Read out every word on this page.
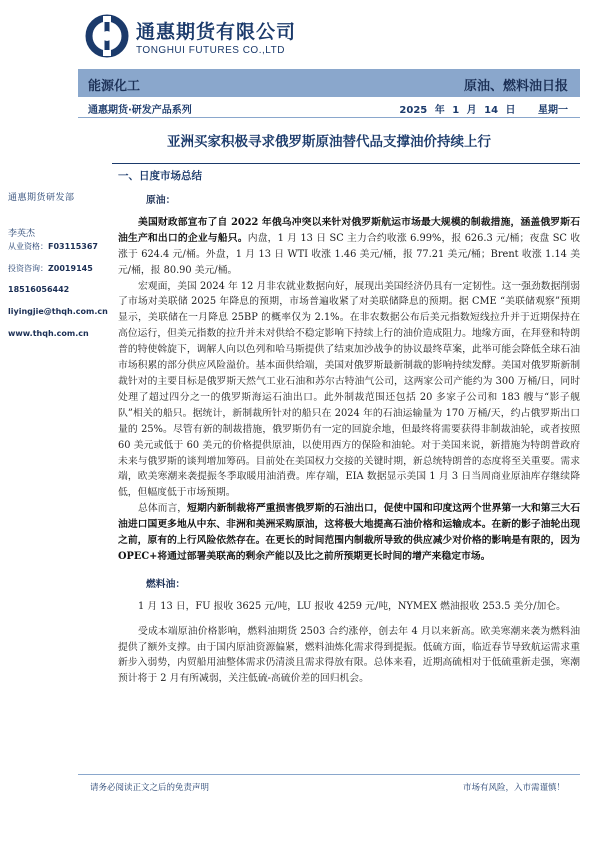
通惠期货有限公司
TONGHUI FUTURES CO.,LTD
能源化工	原油、燃料油日报
通惠期货·研发产品系列	2025 年 1 月 14 日 星期一
亚洲买家积极寻求俄罗斯原油替代品支撑油价持续上行
一、日度市场总结
通惠期货研发部
李英杰
从业资格：F03115367
投资咨询：Z0019145
18516056442
liyingjie@thqh.com.cn
www.thqh.com.cn

原油：

美国财政部宣布了自 2022 年俄乌冲突以来针对俄罗斯航运市场最大规模的制裁措施，涵盖俄罗斯石油生产和出口的企业与船只。内盘，1 月 13 日 SC 主力合约收涨 6.99%，报 626.3 元/桶；夜盘 SC 收涨于 624.4 元/桶。外盘，1 月 13 日 WTI 收涨 1.46 美元/桶，报 77.21 美元/桶；Brent 收涨 1.14 美元/桶，报 80.90 美元/桶。

宏观面，美国 2024 年 12 月非农就业数据向好，展现出美国经济仍具有一定韧性。这一强劲数据削弱了市场对美联储 2025 年降息的预期，市场普遍收紧了对美联储降息的预期。据 CME “美联储观察”预期显示，美联储在一月降息 25BP 的概率仅为 2.1%。在非农数据公布后美元指数短线拉升并于近期保持在高位运行，但美元指数的拉升并未对供给不稳定影响下持续上行的油价造成阻力。地缘方面，在拜登和特朗普的特使斡旋下，调解人向以色列和哈马斯提供了结束加沙战争的协议最终草案，此举可能会降低全球石油市场积累的部分供应风险溢价。基本面供给端，美国对俄罗斯最新制裁的影响持续发酵。美国对俄罗斯新制裁针对的主要目标是俄罗斯天然气工业石油和苏尔古特油气公司，这两家公司产能约为 300 万桶/日，同时处理了超过四分之一的俄罗斯海运石油出口。此外制裁范围还包括 20 多家子公司和 183 艘与“影子舰队”相关的船只。据统计，新制裁所针对的船只在 2024 年的石油运输量为 170 万桶/天，约占俄罗斯出口量的 25%。尽管有新的制裁措施，俄罗斯仍有一定的回旋余地，但最终将需要获得非制裁油轮，或者按照 60 美元或低于 60 美元的价格提供原油，以使用西方的保险和油轮。对于美国来说，新措施为特朗普政府未来与俄罗斯的谈判增加筹码。目前处在美国权力交接的关键时期，新总统特朗普的态度将至关重要。需求端，欧美寒潮来袭提振冬季取暖用油消费。库存端，EIA 数据显示美国 1 月 3 日当周商业原油库存继续降低，但幅度低于市场预期。

总体而言，短期内新制裁将严重损害俄罗斯的石油出口，促使中国和印度这两个世界第一大和第三大石油进口国更多地从中东、非洲和美洲采购原油，这将极大地提高石油价格和运输成本。在新的影子油轮出现之前，原有的上行风险依然存在。在更长的时间范围内制裁所导致的供应减少对价格的影响是有限的，因为 OPEC+将通过部署美联高的剩余产能以及比之前所预期更长时间的增产来稳定市场。

燃料油：

1 月 13 日，FU 报收 3625 元/吨，LU 报收 4259 元/吨，NYMEX 燃油报收 253.5 美分/加仑。

受成本端原油价格影响，燃料油期货 2503 合约涨停，创去年 4 月以来新高。欧美寒潮来袭为燃料油提供了额外支撑。由于国内原油资源偏紧，燃料油炼化需求得到提振。低硫方面，临近春节导致航运需求重新步入弱势，内贸船用油整体需求仍清淡且需求得放有限。总体来看，近期高硫相对于低硫重新走强，寒潮预计将于 2 月有所减弱，关注低硫-高硫价差的回归机会。

请务必阅读正文之后的免责声明	市场有风险，入市需谨慎！
